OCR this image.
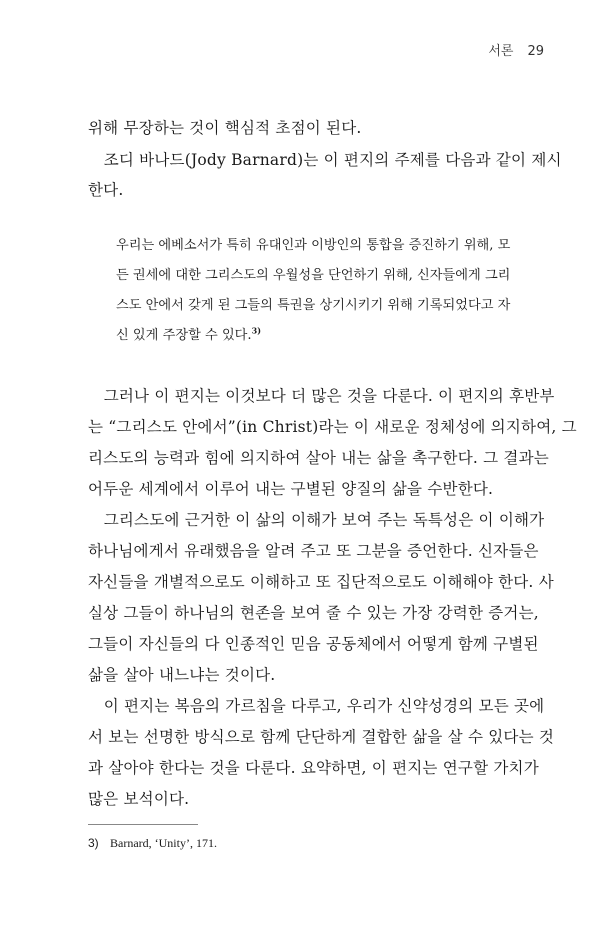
서론 29
위해 무장하는 것이 핵심적 초점이 된다.
　조디 바나드(Jody Barnard)는 이 편지의 주제를 다음과 같이 제시
한다.
우리는 에베소서가 특히 유대인과 이방인의 통합을 증진하기 위해, 모
든 권세에 대한 그리스도의 우월성을 단언하기 위해, 신자들에게 그리
스도 안에서 갖게 된 그들의 특권을 상기시키기 위해 기록되었다고 자
신 있게 주장할 수 있다.$^{3)}$
　그러나 이 편지는 이것보다 더 많은 것을 다룬다. 이 편지의 후반부
는 “그리스도 안에서”(in Christ)라는 이 새로운 정체성에 의지하여, 그
리스도의 능력과 힘에 의지하여 살아 내는 삶을 촉구한다. 그 결과는
어두운 세계에서 이루어 내는 구별된 양질의 삶을 수반한다.
　그리스도에 근거한 이 삶의 이해가 보여 주는 독특성은 이 이해가
하나님에게서 유래했음을 알려 주고 또 그분을 증언한다. 신자들은
자신들을 개별적으로도 이해하고 또 집단적으로도 이해해야 한다. 사
실상 그들이 하나님의 현존을 보여 줄 수 있는 가장 강력한 증거는,
그들이 자신들의 다 인종적인 믿음 공동체에서 어떻게 함께 구별된
삶을 살아 내느냐는 것이다.
　이 편지는 복음의 가르침을 다루고, 우리가 신약성경의 모든 곳에
서 보는 선명한 방식으로 함께 단단하게 결합한 삶을 살 수 있다는 것
과 살아야 한다는 것을 다룬다. 요약하면, 이 편지는 연구할 가치가
많은 보석이다.
3) Barnard, ‘Unity’, 171.
